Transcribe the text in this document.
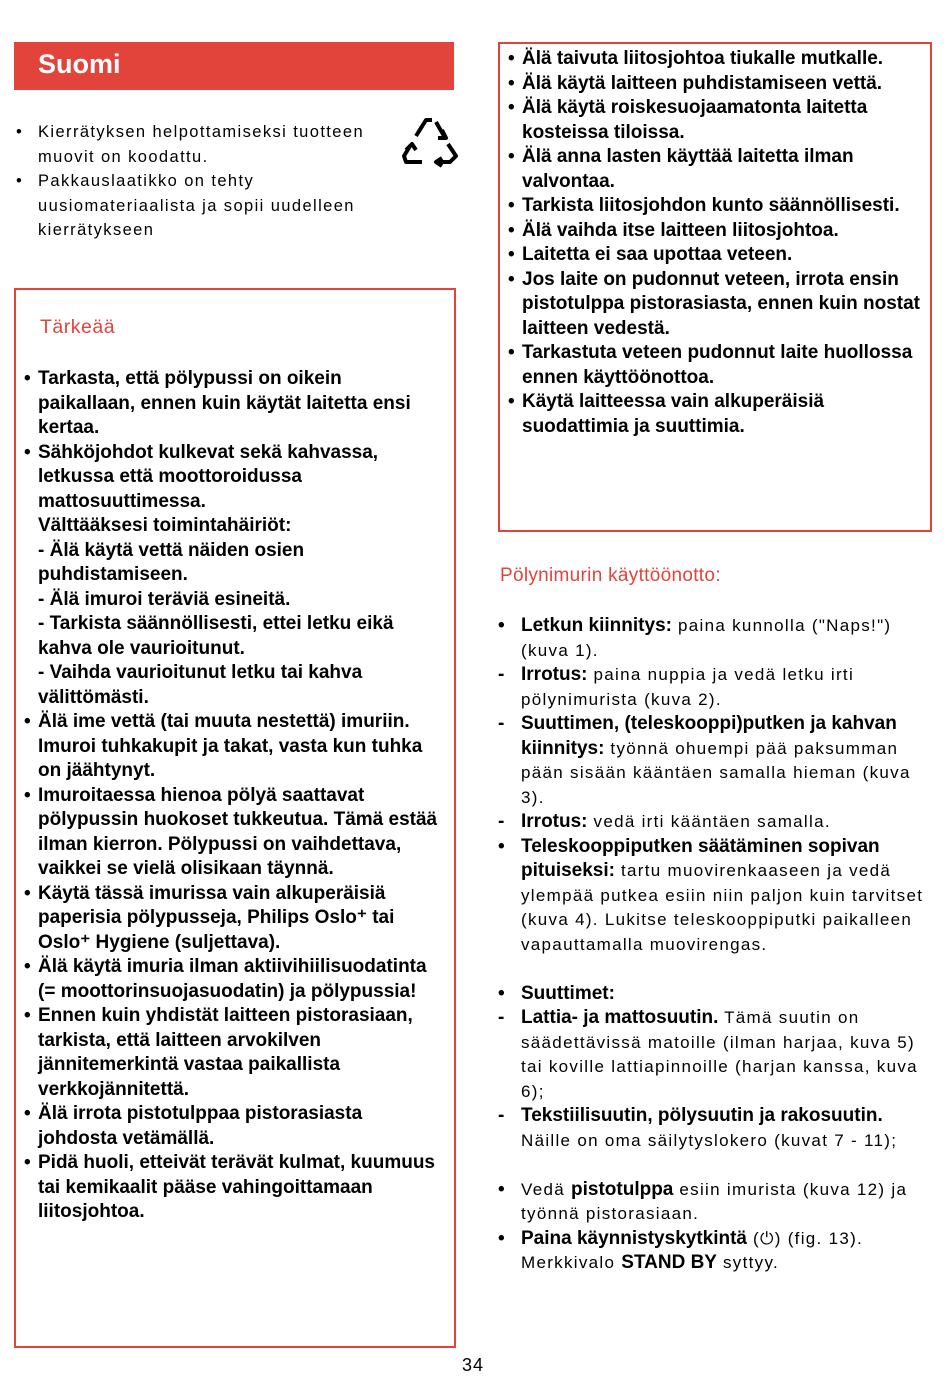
Suomi
• Kierrätyksen helpottamiseksi tuotteen muovit on koodattu.
• Pakkauslaatikko on tehty uusiomateriaalista ja sopii uudelleen kierrätykseen
Tärkeää
• Tarkasta, että pölypussi on oikein paikallaan, ennen kuin käytät laitetta ensi kertaa.
• Sähköjohdot kulkevat sekä kahvassa, letkussa että moottoroidussa mattosuuttimessa.
Välttääksesi toimintahäiriöt:
- Älä käytä vettä näiden osien puhdistamiseen.
- Älä imuroi teräviä esineitä.
- Tarkista säännöllisesti, ettei letku eikä kahva ole vaurioitunut.
- Vaihda vaurioitunut letku tai kahva välittömästi.
• Älä ime vettä (tai muuta nestettä) imuriin. Imuroi tuhkakupit ja takat, vasta kun tuhka on jäähtynyt.
• Imuroitaessa hienoa pölyä saattavat pölypussin huokoset tukkeutua. Tämä estää ilman kierron. Pölypussi on vaihdettava, vaikkei se vielä olisikaan täynnä.
• Käytä tässä imurissa vain alkuperäisiä paperisia pölypusseja, Philips Oslo⁺ tai Oslo⁺ Hygiene (suljettava).
• Älä käytä imuria ilman aktiivihiilisuodatinta (= moottorinsuojasuodatin) ja pölypussia!
• Ennen kuin yhdistät laitteen pistorasiaan, tarkista, että laitteen arvokilven jännitemerkintä vastaa paikallista verkkojännitettä.
• Älä irrota pistotulppaa pistorasiasta johdosta vetämällä.
• Pidä huoli, etteivät terävät kulmat, kuumuus tai kemikaalit pääse vahingoittamaan liitosjohtoa.
• Älä taivuta liitosjohtoa tiukalle mutkalle.
• Älä käytä laitteen puhdistamiseen vettä.
• Älä käytä roiskesuojaamatonta laitetta kosteissa tiloissa.
• Älä anna lasten käyttää laitetta ilman valvontaa.
• Tarkista liitosjohdon kunto säännöllisesti.
• Älä vaihda itse laitteen liitosjohtoa.
• Laitetta ei saa upottaa veteen.
• Jos laite on pudonnut veteen, irrota ensin pistotulppa pistorasiasta, ennen kuin nostat laitteen vedestä.
• Tarkastuta veteen pudonnut laite huollossa ennen käyttöönottoa.
• Käytä laitteessa vain alkuperäisiä suodattimia ja suuttimia.
Pölynimurin käyttöönotto:
• Letkun kiinnitys: paina kunnolla ("Naps!") (kuva 1).
- Irrotus: paina nuppia ja vedä letku irti pölynimurista (kuva 2).
- Suuttimen, (teleskooppi)putken ja kahvan kiinnitys: työnnä ohuempi pää paksumman pään sisään kääntäen samalla hieman (kuva 3).
- Irrotus: vedä irti kääntäen samalla.
• Teleskooppiputken säätäminen sopivan pituiseksi: tartu muovirenkaaseen ja vedä ylempää putkea esiin niin paljon kuin tarvitset (kuva 4). Lukitse teleskooppiputki paikalleen vapauttamalla muovirengas.
• Suuttimet:
- Lattia- ja mattosuutin. Tämä suutin on säädettävissä matoille (ilman harjaa, kuva 5) tai koville lattiapinnoille (harjan kanssa, kuva 6);
- Tekstiilisuutin, pölysuutin ja rakosuutin. Näille on oma säilytyslokero (kuvat 7 - 11);
• Vedä pistotulppa esiin imurista (kuva 12) ja työnnä pistorasiaan.
• Paina käynnistyskytkintä (⏻) (fig. 13). Merkkivalo STAND BY syttyy.
34
